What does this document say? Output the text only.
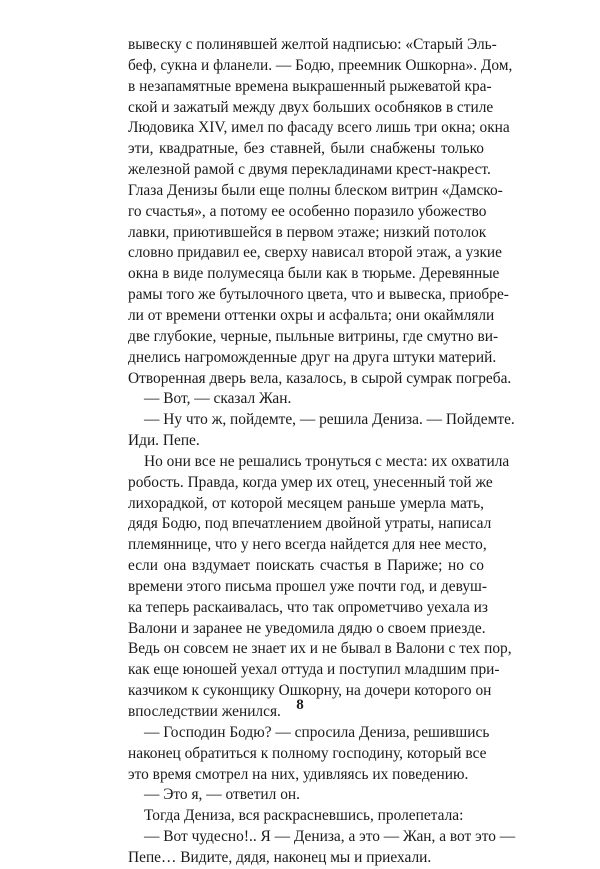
вывеску с полинявшей желтой надписью: «Старый Эль-
беф, сукна и фланели. — Бодю, преемник Ошкорна». Дом,
в незапамятные времена выкрашенный рыжеватой кра-
ской и зажатый между двух больших особняков в стиле
Людовика XIV, имел по фасаду всего лишь три окна; окна
эти, квадратные, без ставней, были снабжены только
железной рамой с двумя перекладинами крест-накрест.
Глаза Денизы были еще полны блеском витрин «Дамско-
го счастья», а потому ее особенно поразило убожество
лавки, приютившейся в первом этаже; низкий потолок
словно придавил ее, сверху нависал второй этаж, а узкие
окна в виде полумесяца были как в тюрьме. Деревянные
рамы того же бутылочного цвета, что и вывеска, приобре-
ли от времени оттенки охры и асфальта; они окаймляли
две глубокие, черные, пыльные витрины, где смутно ви-
днелись нагроможденные друг на друга штуки материй.
Отворенная дверь вела, казалось, в сырой сумрак погреба.
— Вот, — сказал Жан.
— Ну что ж, пойдемте, — решила Дениза. — Пойдемте.
Иди. Пепе.
Но они все не решались тронуться с места: их охватила
робость. Правда, когда умер их отец, унесенный той же
лихорадкой, от которой месяцем раньше умерла мать,
дядя Бодю, под впечатлением двойной утраты, написал
племяннице, что у него всегда найдется для нее место,
если она вздумает поискать счастья в Париже; но со
времени этого письма прошел уже почти год, и девуш-
ка теперь раскаивалась, что так опрометчиво уехала из
Валони и заранее не уведомила дядю о своем приезде.
Ведь он совсем не знает их и не бывал в Валони с тех пор,
как еще юношей уехал оттуда и поступил младшим при-
казчиком к суконщику Ошкорну, на дочери которого он
впоследствии женился.
— Господин Бодю? — спросила Дениза, решившись
наконец обратиться к полному господину, который все
это время смотрел на них, удивляясь их поведению.
— Это я, — ответил он.
Тогда Дениза, вся раскрасневшись, пролепетала:
— Вот чудесно!.. Я — Дениза, а это — Жан, а вот это —
Пепе… Видите, дядя, наконец мы и приехали.
8
